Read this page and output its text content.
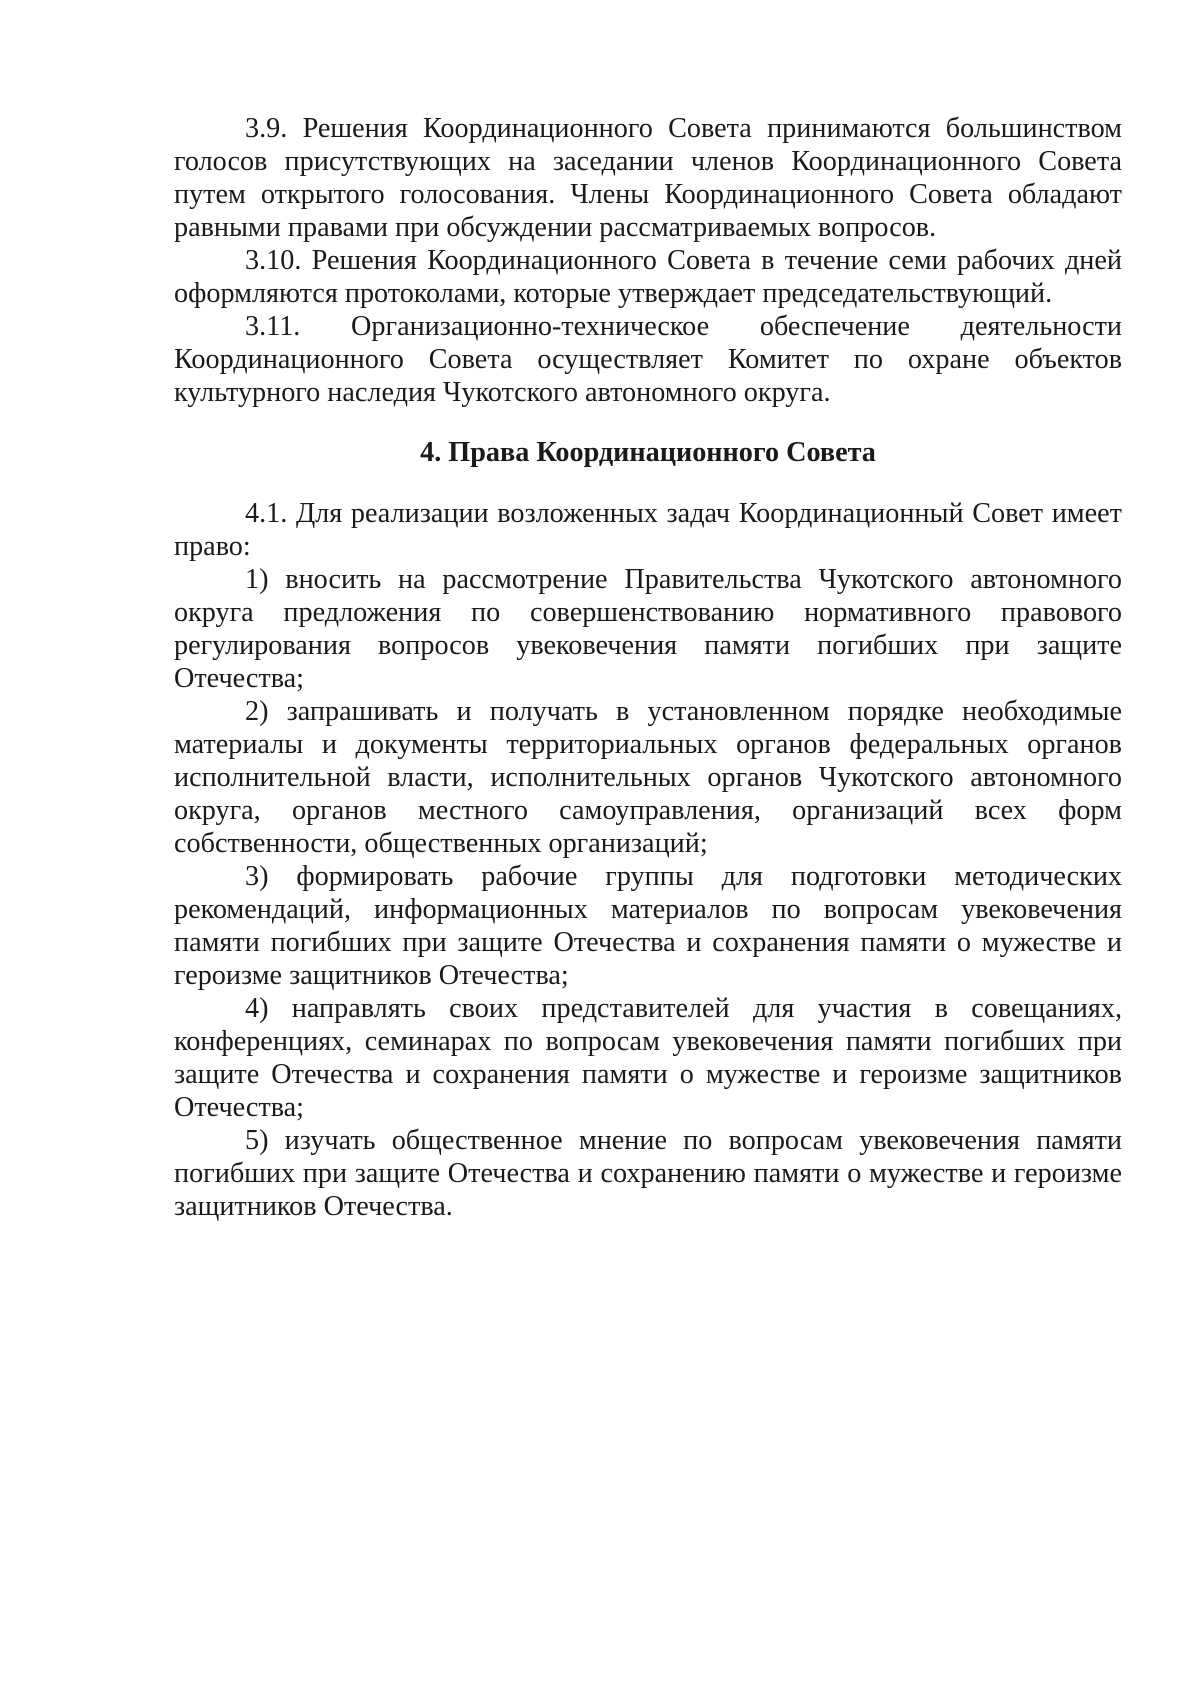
3.9. Решения Координационного Совета принимаются большинством голосов присутствующих на заседании членов Координационного Совета путем открытого голосования. Члены Координационного Совета обладают равными правами при обсуждении рассматриваемых вопросов.

3.10. Решения Координационного Совета в течение семи рабочих дней оформляются протоколами, которые утверждает председательствующий.

3.11. Организационно-техническое обеспечение деятельности Координационного Совета осуществляет Комитет по охране объектов культурного наследия Чукотского автономного округа.

4. Права Координационного Совета

4.1. Для реализации возложенных задач Координационный Совет имеет право:

1) вносить на рассмотрение Правительства Чукотского автономного округа предложения по совершенствованию нормативного правового регулирования вопросов увековечения памяти погибших при защите Отечества;

2) запрашивать и получать в установленном порядке необходимые материалы и документы территориальных органов федеральных органов исполнительной власти, исполнительных органов Чукотского автономного округа, органов местного самоуправления, организаций всех форм собственности, общественных организаций;

3) формировать рабочие группы для подготовки методических рекомендаций, информационных материалов по вопросам увековечения памяти погибших при защите Отечества и сохранения памяти о мужестве и героизме защитников Отечества;

4) направлять своих представителей для участия в совещаниях, конференциях, семинарах по вопросам увековечения памяти погибших при защите Отечества и сохранения памяти о мужестве и героизме защитников Отечества;

5) изучать общественное мнение по вопросам увековечения памяти погибших при защите Отечества и сохранению памяти о мужестве и героизме защитников Отечества.
